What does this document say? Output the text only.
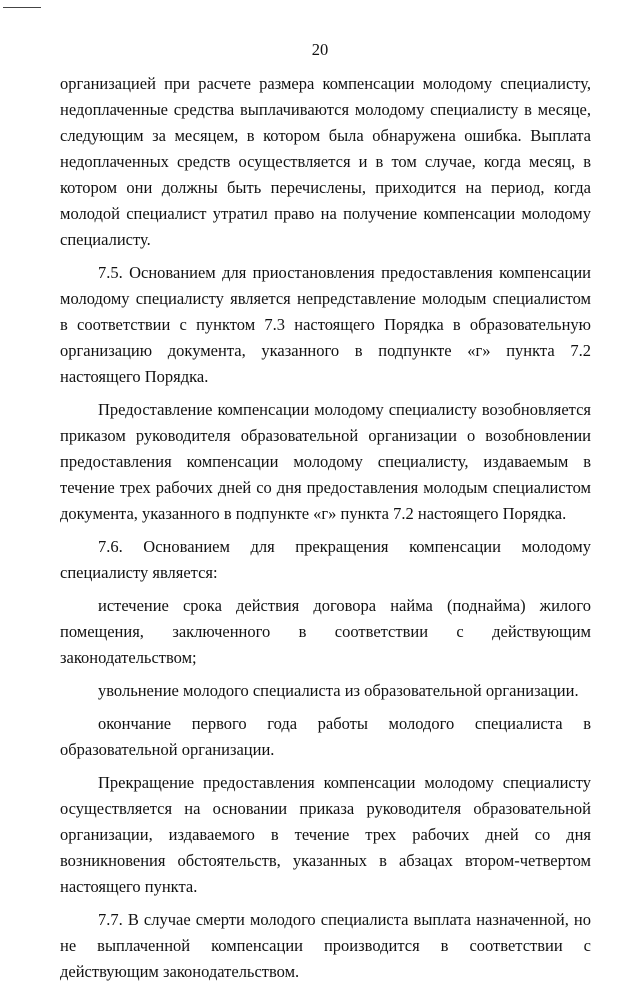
20

организацией при расчете размера компенсации молодому специалисту, недоплаченные средства выплачиваются молодому специалисту в месяце, следующим за месяцем, в котором была обнаружена ошибка. Выплата недоплаченных средств осуществляется и в том случае, когда месяц, в котором они должны быть перечислены, приходится на период, когда молодой специалист утратил право на получение компенсации молодому специалисту.

7.5. Основанием для приостановления предоставления компенсации молодому специалисту является непредставление молодым специалистом в соответствии с пунктом 7.3 настоящего Порядка в образовательную организацию документа, указанного в подпункте «г» пункта 7.2 настоящего Порядка.

Предоставление компенсации молодому специалисту возобновляется приказом руководителя образовательной организации о возобновлении предоставления компенсации молодому специалисту, издаваемым в течение трех рабочих дней со дня предоставления молодым специалистом документа, указанного в подпункте «г» пункта 7.2 настоящего Порядка.

7.6. Основанием для прекращения компенсации молодому специалисту является:

истечение срока действия договора найма (поднайма) жилого помещения, заключенного в соответствии с действующим законодательством;

увольнение молодого специалиста из образовательной организации.

окончание первого года работы молодого специалиста в образовательной организации.

Прекращение предоставления компенсации молодому специалисту осуществляется на основании приказа руководителя образовательной организации, издаваемого в течение трех рабочих дней со дня возникновения обстоятельств, указанных в абзацах втором-четвертом настоящего пункта.

7.7. В случае смерти молодого специалиста выплата назначенной, но не выплаченной компенсации производится в соответствии с действующим законодательством.
